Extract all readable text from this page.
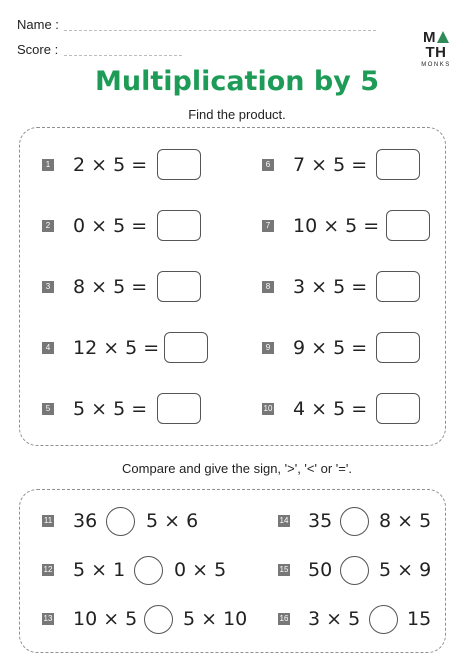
Name :
Score :
MTH
MONKS
Multiplication by 5
Find the product.
1 2 × 5 =
2 0 × 5 =
3 8 × 5 =
4 12 × 5 =
5 5 × 5 =
6 7 × 5 =
7 10 × 5 =
8 3 × 5 =
9 9 × 5 =
10 4 × 5 =
Compare and give the sign, '>', '<' or '='.
11 36	5 × 6
12 5 × 1	0 × 5
13 10 × 5 5 × 10
14 35 8 × 5
15 50 5 × 9
16 3 × 5 15
